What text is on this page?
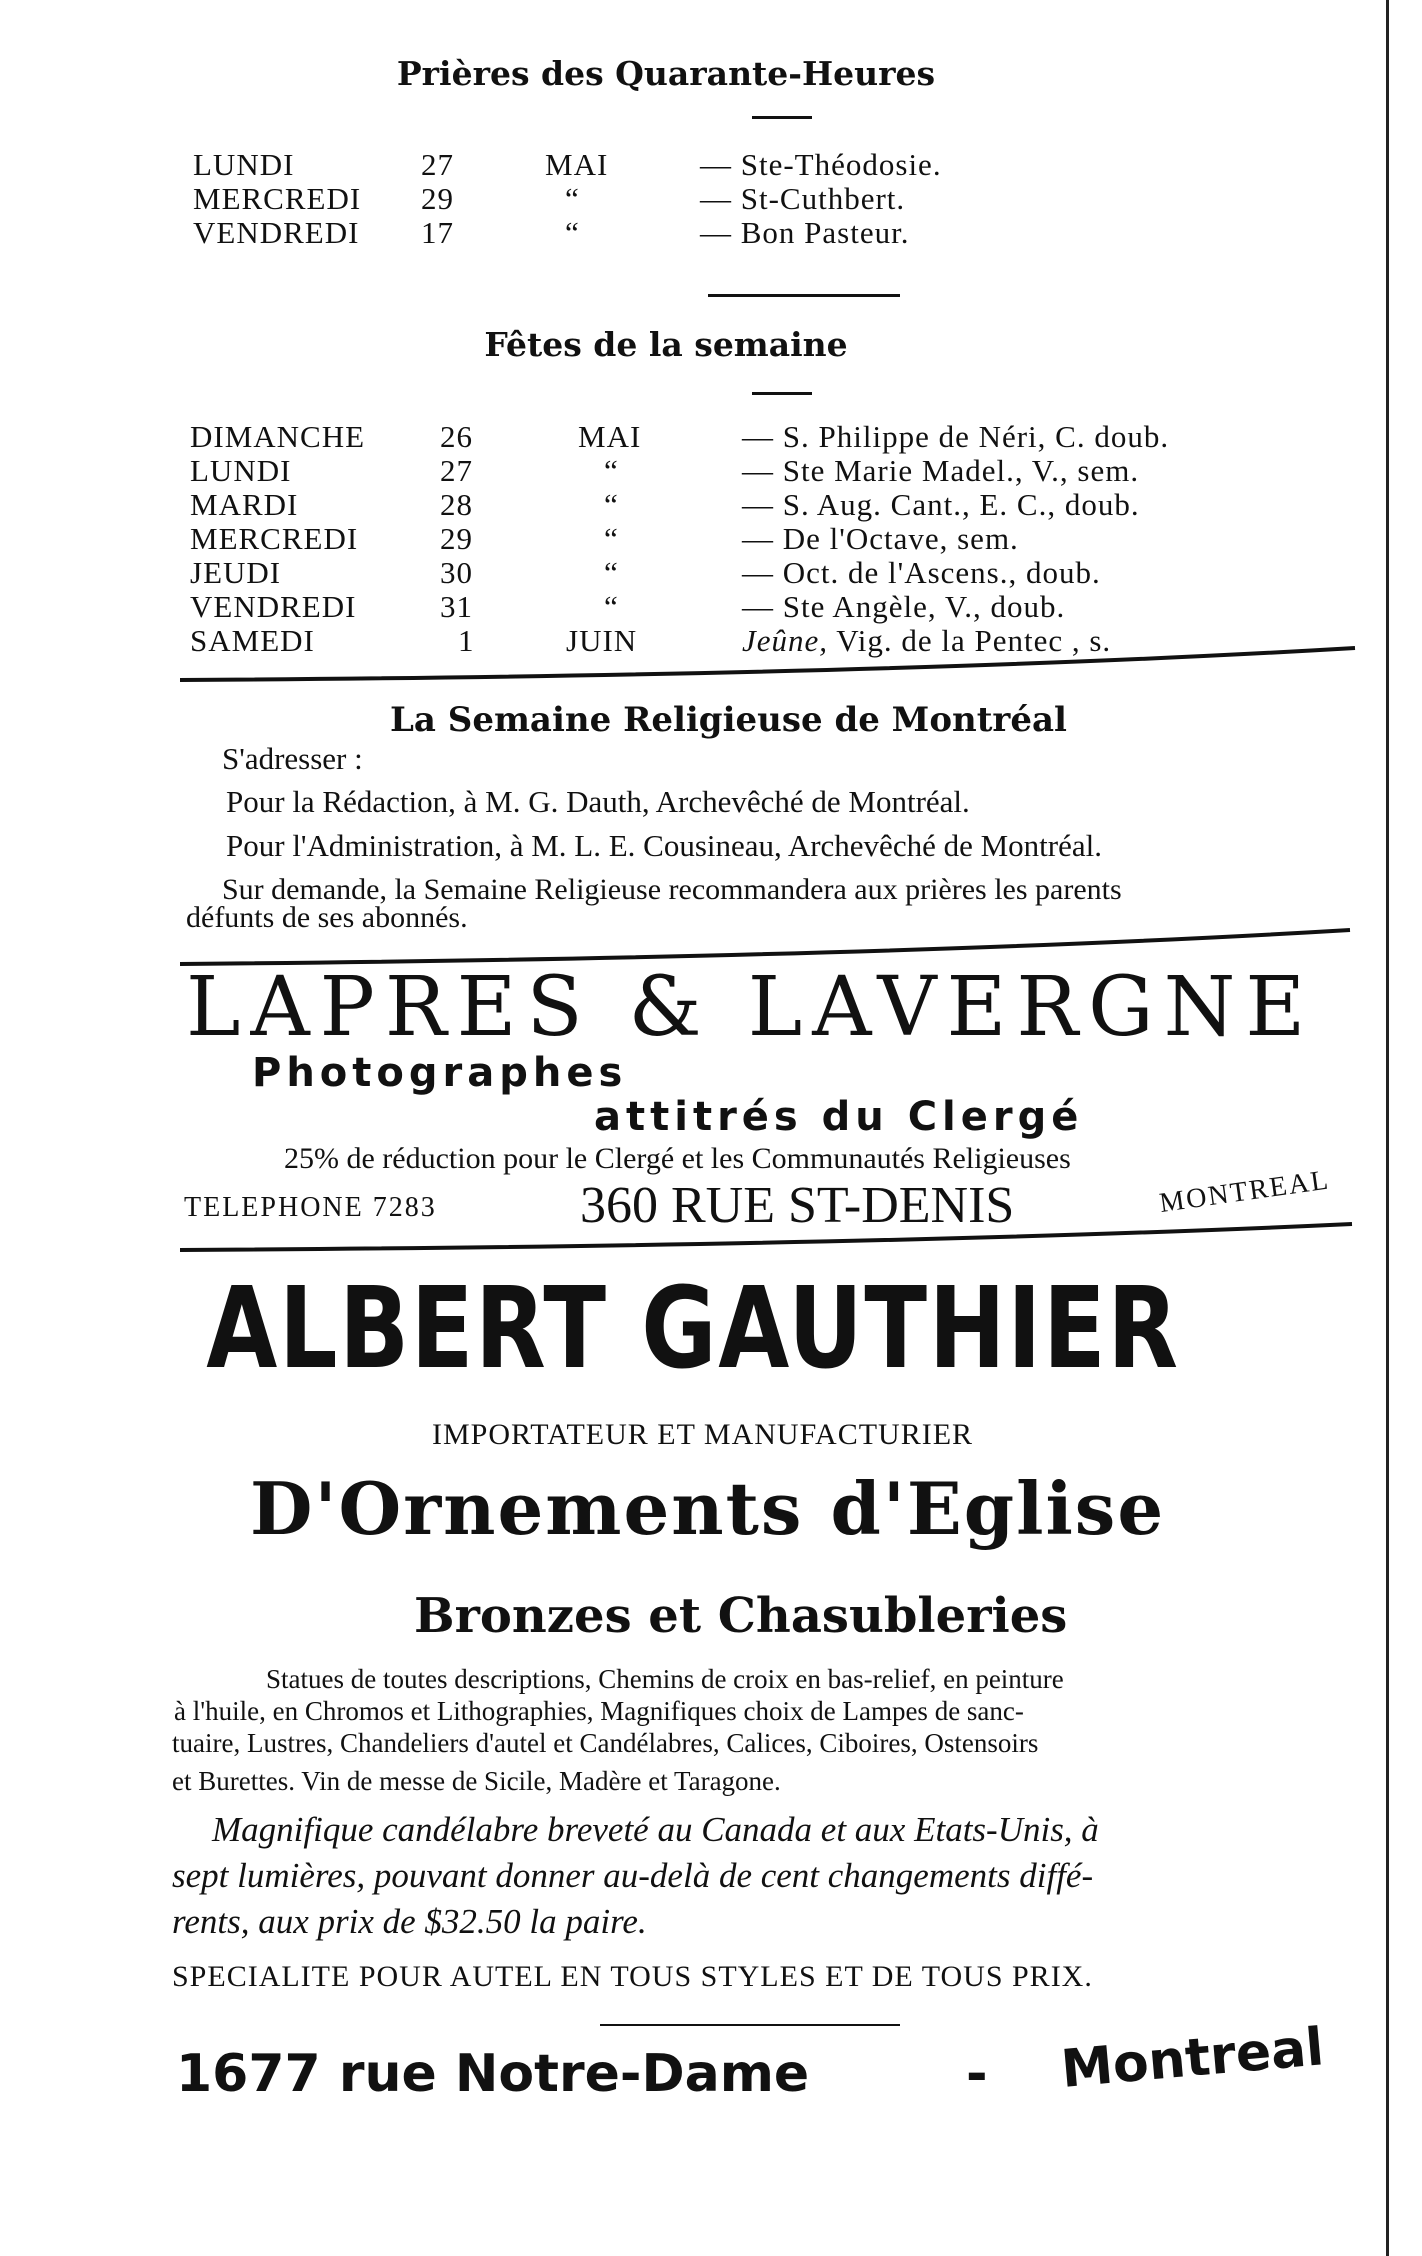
Prières des Quarante-Heures
LUNDI	27	MAI	— Ste-Théodosie.
MERCREDI 29	“	— St-Cuthbert.
VENDREDI 17	“	— Bon Pasteur.
Fêtes de la semaine
DIMANCHE 26	MAI	— S. Philippe de Néri, C. doub.
LUNDI	27	“	— Ste Marie Madel., V., sem.
MARDI	28	“	— S. Aug. Cant., E. C., doub.
MERCREDI	29	“	— De l'Octave, sem.
JEUDI	30	“	— Oct. de l'Ascens., doub.
VENDREDI	31	“	— Ste Angèle, V., doub.
SAMEDI	1	JUIN	Jeûne, Vig. de la Pentec , s.
La Semaine Religieuse de Montréal
S'adresser :
Pour la Rédaction, à M. G. Dauth, Archevêché de Montréal.
Pour l'Administration, à M. L. E. Cousineau, Archevêché de Montréal.
Sur demande, la Semaine Religieuse recommandera aux prières les parents
défunts de ses abonnés.
LAPRES & LAVERGNE
Photographes
attitrés du Clergé
25% de réduction pour le Clergé et les Communautés Religieuses
TELEPHONE 7283	360 RUE ST-DENIS	MONTREAL
ALBERT GAUTHIER
IMPORTATEUR ET MANUFACTURIER
D'Ornements d'Eglise
Bronzes et Chasubleries
Statues de toutes descriptions, Chemins de croix en bas-relief, en peinture
à l'huile, en Chromos et Lithographies, Magnifiques choix de Lampes de sanc-
tuaire, Lustres, Chandeliers d'autel et Candélabres, Calices, Ciboires, Ostensoirs
et Burettes. Vin de messe de Sicile, Madère et Taragone.
Magnifique candélabre breveté au Canada et aux Etats-Unis, à
sept lumières, pouvant donner au-delà de cent changements diffé-
rents, aux prix de $32.50 la paire.
SPECIALITE POUR AUTEL EN TOUS STYLES ET DE TOUS PRIX.
1677 rue Notre-Dame	- Montreal
